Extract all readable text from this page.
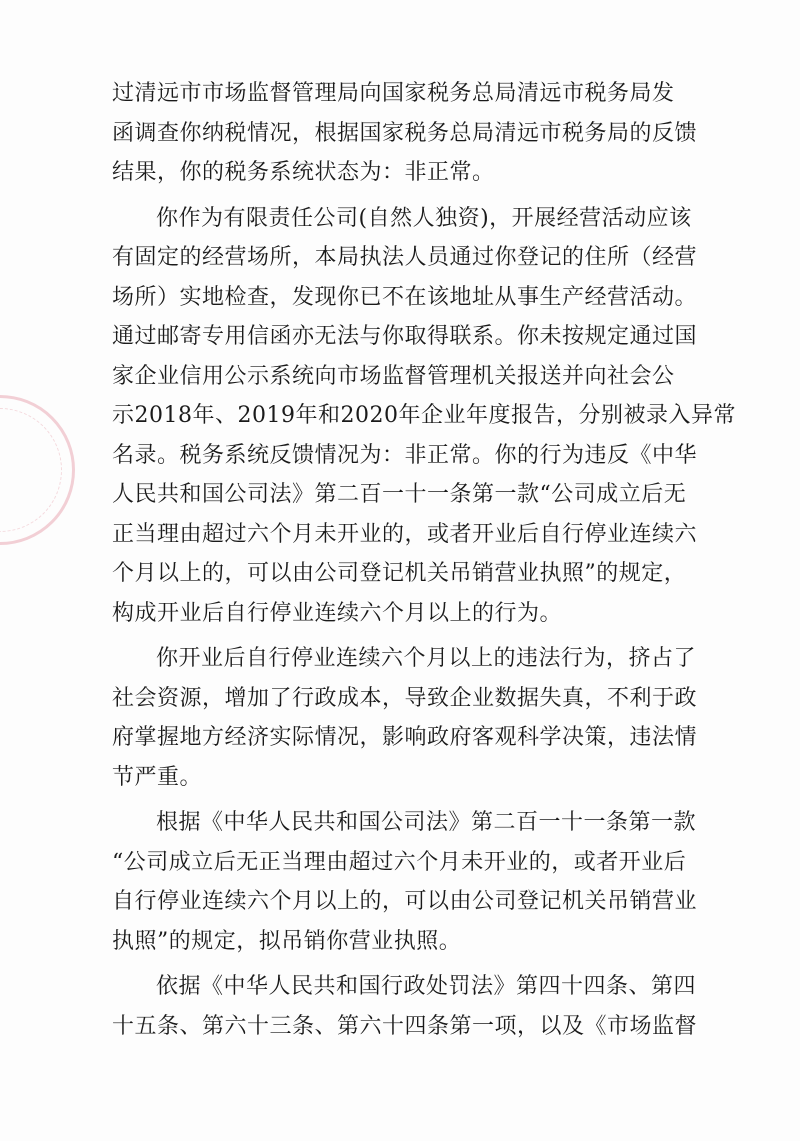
过清远市市场监督管理局向国家税务总局清远市税务局发
函调查你纳税情况，根据国家税务总局清远市税务局的反馈
结果，你的税务系统状态为：非正常。

你作为有限责任公司(自然人独资)，开展经营活动应该
有固定的经营场所，本局执法人员通过你登记的住所（经营
场所）实地检查，发现你已不在该地址从事生产经营活动。
通过邮寄专用信函亦无法与你取得联系。你未按规定通过国
家企业信用公示系统向市场监督管理机关报送并向社会公
示2018年、2019年和2020年企业年度报告，分别被录入异常
名录。税务系统反馈情况为：非正常。你的行为违反《中华
人民共和国公司法》第二百一十一条第一款“公司成立后无
正当理由超过六个月未开业的，或者开业后自行停业连续六
个月以上的，可以由公司登记机关吊销营业执照”的规定，
构成开业后自行停业连续六个月以上的行为。

你开业后自行停业连续六个月以上的违法行为，挤占了
社会资源，增加了行政成本，导致企业数据失真，不利于政
府掌握地方经济实际情况，影响政府客观科学决策，违法情
节严重。

根据《中华人民共和国公司法》第二百一十一条第一款
“公司成立后无正当理由超过六个月未开业的，或者开业后
自行停业连续六个月以上的，可以由公司登记机关吊销营业
执照”的规定，拟吊销你营业执照。

依据《中华人民共和国行政处罚法》第四十四条、第四
十五条、第六十三条、第六十四条第一项，以及《市场监督
